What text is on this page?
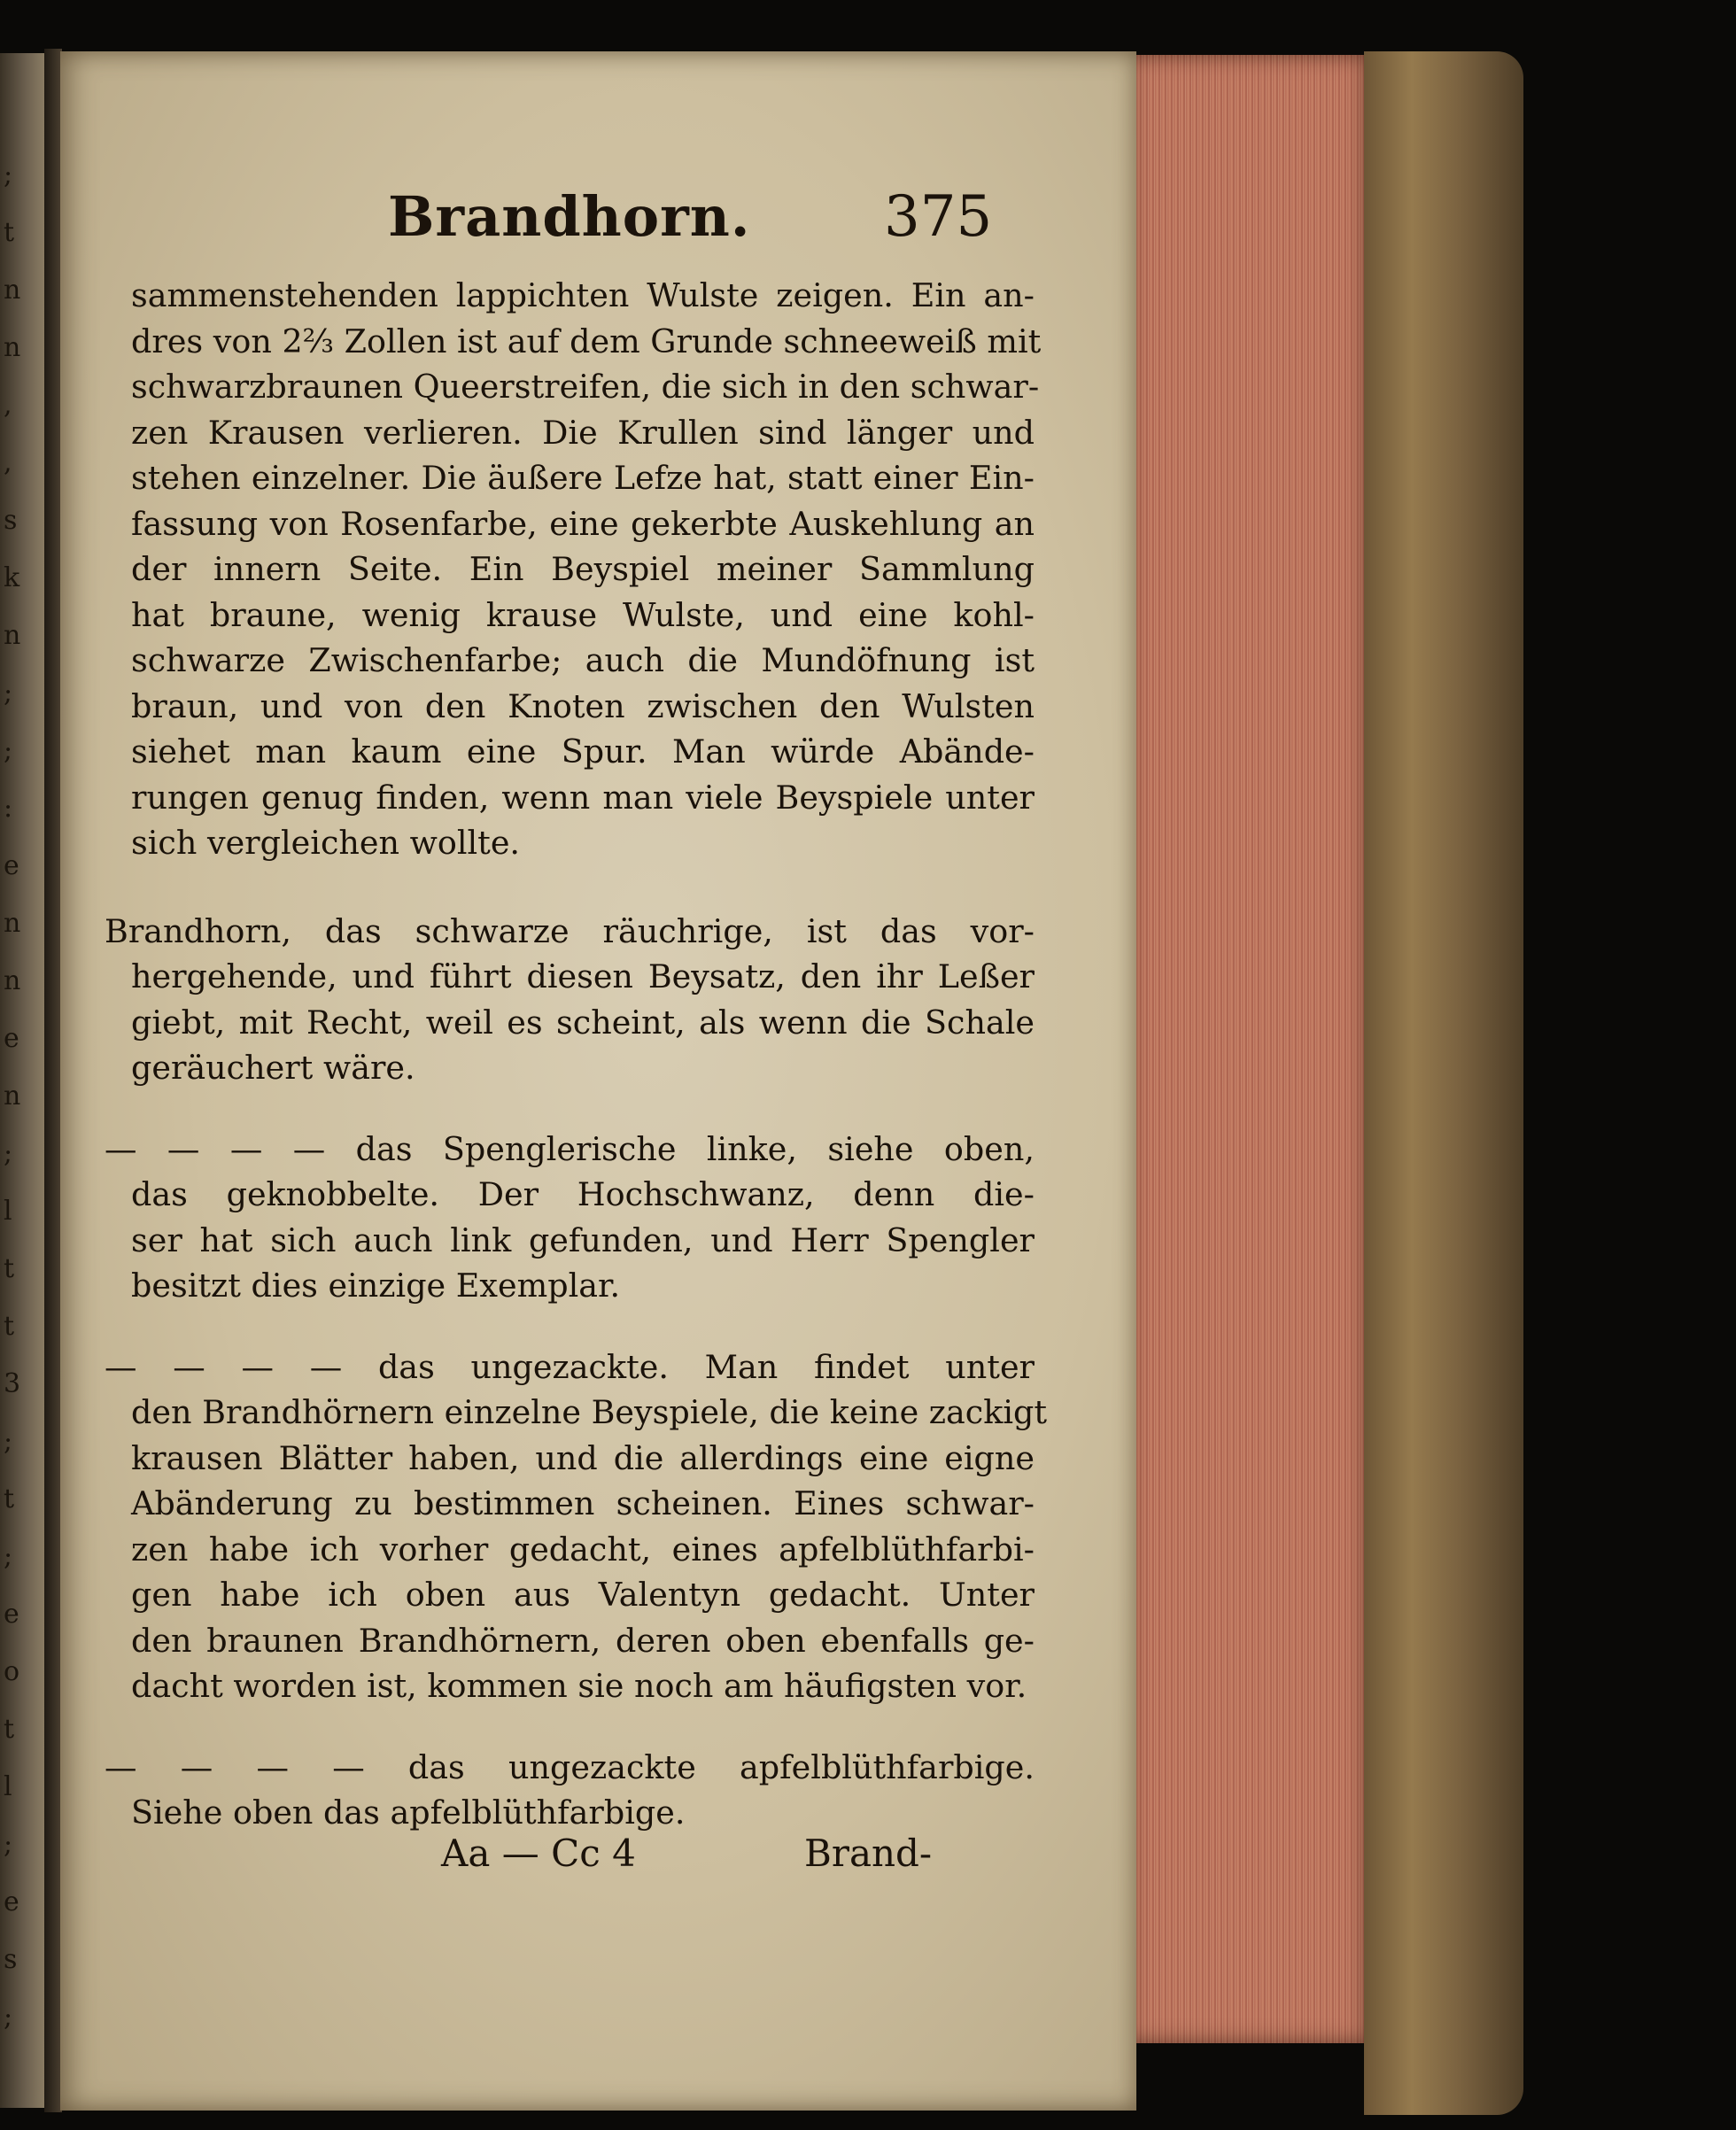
;
t
n
n
,
,
s
k
n
;
;
:
e
n
n
e
n
;
l
t
t
3
;
t
;
e
o
t
l
;
e
s
;
Brandhorn. 375
sammenstehenden lappichten Wulste zeigen. Ein an-
dres von 2⅔ Zollen ist auf dem Grunde schneeweiß mit
schwarzbraunen Queerstreifen, die sich in den schwar-
zen Krausen verlieren. Die Krullen sind länger und
stehen einzelner. Die äußere Lefze hat, statt einer Ein-
fassung von Rosenfarbe, eine gekerbte Auskehlung an
der innern Seite. Ein Beyspiel meiner Sammlung
hat braune, wenig krause Wulste, und eine kohl-
schwarze Zwischenfarbe; auch die Mundöfnung ist
braun, und von den Knoten zwischen den Wulsten
siehet man kaum eine Spur. Man würde Abände-
rungen genug finden, wenn man viele Beyspiele unter
sich vergleichen wollte.
Brandhorn, das schwarze räuchrige, ist das vor-
hergehende, und führt diesen Beysatz, den ihr Leßer
giebt, mit Recht, weil es scheint, als wenn die Schale
geräuchert wäre.
— — — — das Spenglerische linke, siehe oben,
das geknobbelte. Der Hochschwanz, denn die-
ser hat sich auch link gefunden, und Herr Spengler
besitzt dies einzige Exemplar.
— — — — das ungezackte. Man findet unter
den Brandhörnern einzelne Beyspiele, die keine zackigt
krausen Blätter haben, und die allerdings eine eigne
Abänderung zu bestimmen scheinen. Eines schwar-
zen habe ich vorher gedacht, eines apfelblüthfarbi-
gen habe ich oben aus Valentyn gedacht. Unter
den braunen Brandhörnern, deren oben ebenfalls ge-
dacht worden ist, kommen sie noch am häufigsten vor.
— — — — das ungezackte apfelblüthfarbige.
Siehe oben das apfelblüthfarbige.
Aa — Cc 4	Brand-
